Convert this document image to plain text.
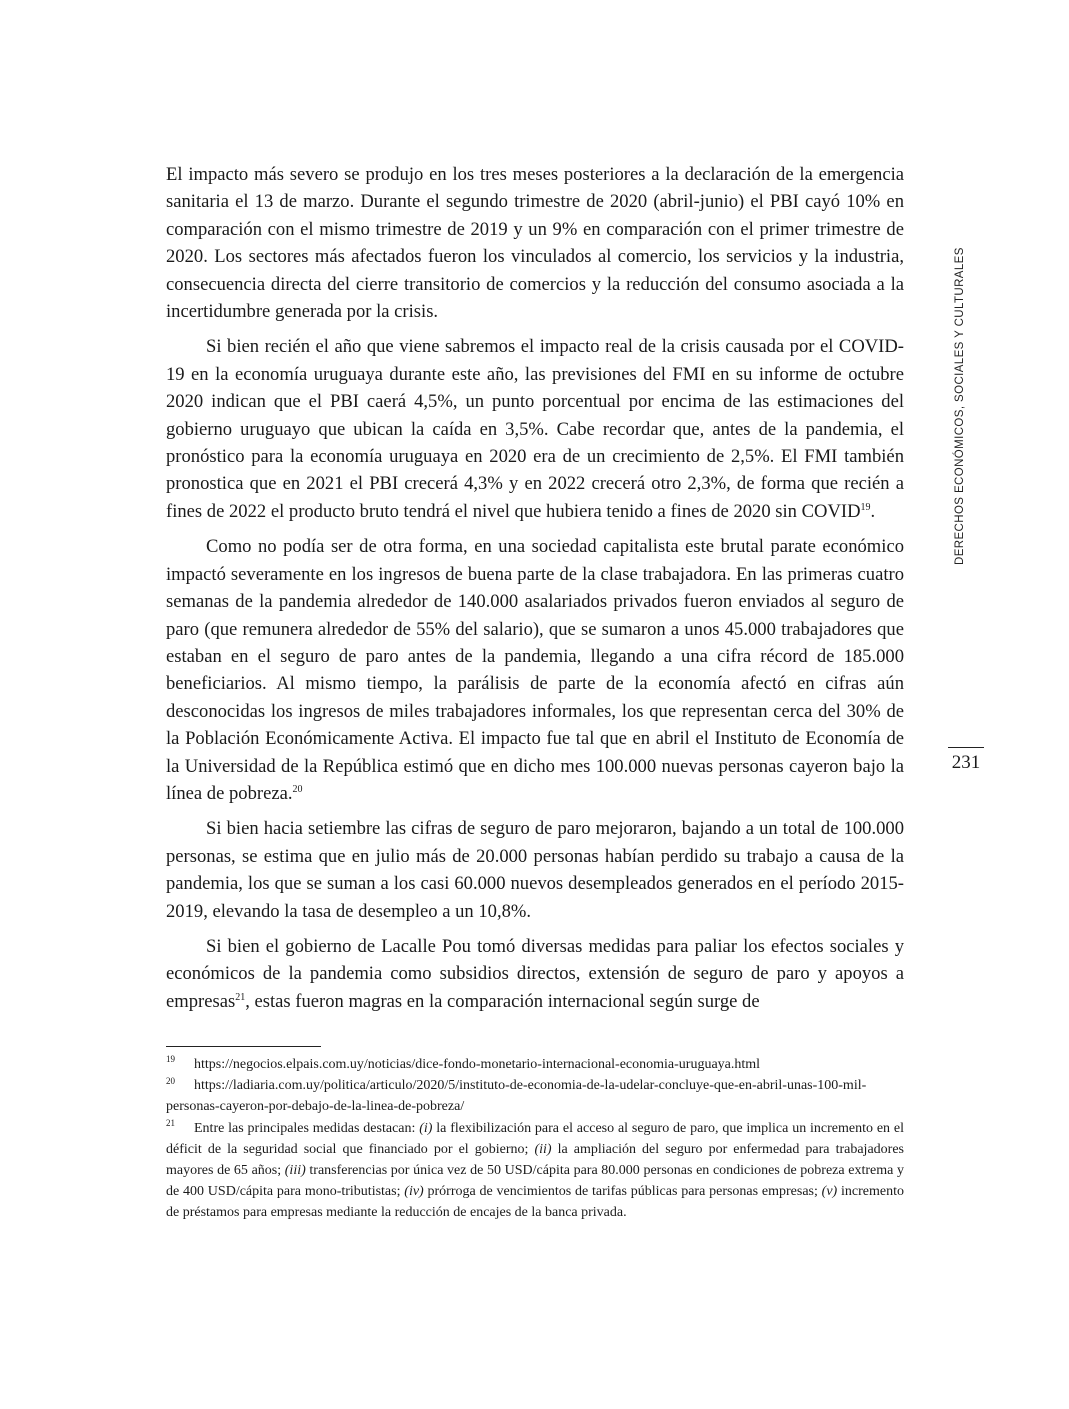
El impacto más severo se produjo en los tres meses posteriores a la declaración de la emergencia sanitaria el 13 de marzo. Durante el segundo trimestre de 2020 (abril-junio) el PBI cayó 10% en comparación con el mismo trimestre de 2019 y un 9% en comparación con el primer trimestre de 2020. Los sectores más afectados fueron los vinculados al comercio, los servicios y la industria, consecuencia directa del cierre transitorio de comercios y la reducción del consumo asociada a la incertidumbre generada por la crisis.

Si bien recién el año que viene sabremos el impacto real de la crisis causada por el COVID-19 en la economía uruguaya durante este año, las previsiones del FMI en su informe de octubre 2020 indican que el PBI caerá 4,5%, un punto porcentual por encima de las estimaciones del gobierno uruguayo que ubican la caída en 3,5%. Cabe recordar que, antes de la pandemia, el pronóstico para la economía uruguaya en 2020 era de un crecimiento de 2,5%. El FMI también pronostica que en 2021 el PBI crecerá 4,3% y en 2022 crecerá otro 2,3%, de forma que recién a fines de 2022 el producto bruto tendrá el nivel que hubiera tenido a fines de 2020 sin COVID$^{19}$.

Como no podía ser de otra forma, en una sociedad capitalista este brutal parate económico impactó severamente en los ingresos de buena parte de la clase trabajadora. En las primeras cuatro semanas de la pandemia alrededor de 140.000 asalariados privados fueron enviados al seguro de paro (que remunera alrededor de 55% del salario), que se sumaron a unos 45.000 trabajadores que estaban en el seguro de paro antes de la pandemia, llegando a una cifra récord de 185.000 beneficiarios. Al mismo tiempo, la parálisis de parte de la economía afectó en cifras aún desconocidas los ingresos de miles trabajadores informales, los que representan cerca del 30% de la Población Económicamente Activa. El impacto fue tal que en abril el Instituto de Economía de la Universidad de la República estimó que en dicho mes 100.000 nuevas personas cayeron bajo la línea de pobreza.$^{20}$

Si bien hacia setiembre las cifras de seguro de paro mejoraron, bajando a un total de 100.000 personas, se estima que en julio más de 20.000 personas habían perdido su trabajo a causa de la pandemia, los que se suman a los casi 60.000 nuevos desempleados generados en el período 2015-2019, elevando la tasa de desempleo a un 10,8%.

Si bien el gobierno de Lacalle Pou tomó diversas medidas para paliar los efectos sociales y económicos de la pandemia como subsidios directos, extensión de seguro de paro y apoyos a empresas$^{21}$, estas fueron magras en la comparación internacional según surge de

DERECHOS ECONÓMICOS, SOCIALES Y CULTURALES
231

19 https://negocios.elpais.com.uy/noticias/dice-fondo-monetario-internacional-economia-uruguaya.html

20 https://ladiaria.com.uy/politica/articulo/2020/5/instituto-de-economia-de-la-udelar-concluye-que-en-abril-unas-100-mil-personas-cayeron-por-debajo-de-la-linea-de-pobreza/

21 Entre las principales medidas destacan: (i) la flexibilización para el acceso al seguro de paro, que implica un incremento en el déficit de la seguridad social que financiado por el gobierno; (ii) la ampliación del seguro por enfermedad para trabajadores mayores de 65 años; (iii) transferencias por única vez de 50 USD/cápita para 80.000 personas en condiciones de pobreza extrema y de 400 USD/cápita para mono-tributistas; (iv) prórroga de vencimientos de tarifas públicas para personas empresas; (v) incremento de préstamos para empresas mediante la reducción de encajes de la banca privada.
